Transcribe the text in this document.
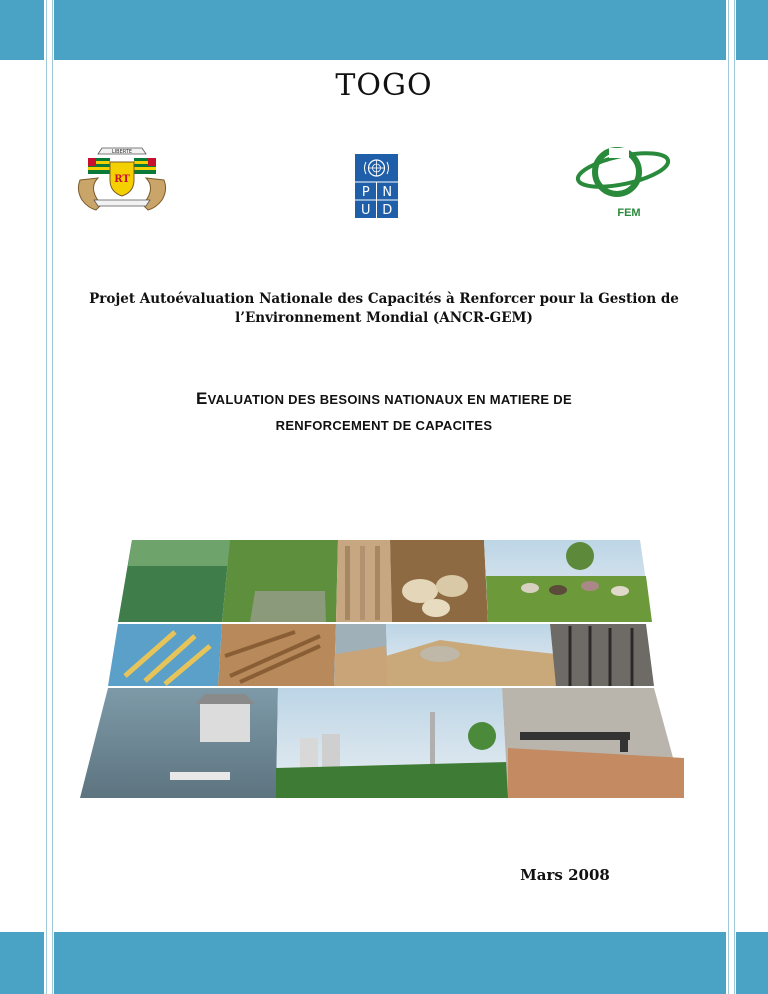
TOGO
LIBERTE
RT
P N
U D	FEM
Projet Autoévaluation Nationale des Capacités à Renforcer pour la Gestion de
l’Environnement Mondial (ANCR-GEM)
EVALUATION DES BESOINS NATIONAUX EN MATIERE DE
RENFORCEMENT DE CAPACITES
Mars 2008
